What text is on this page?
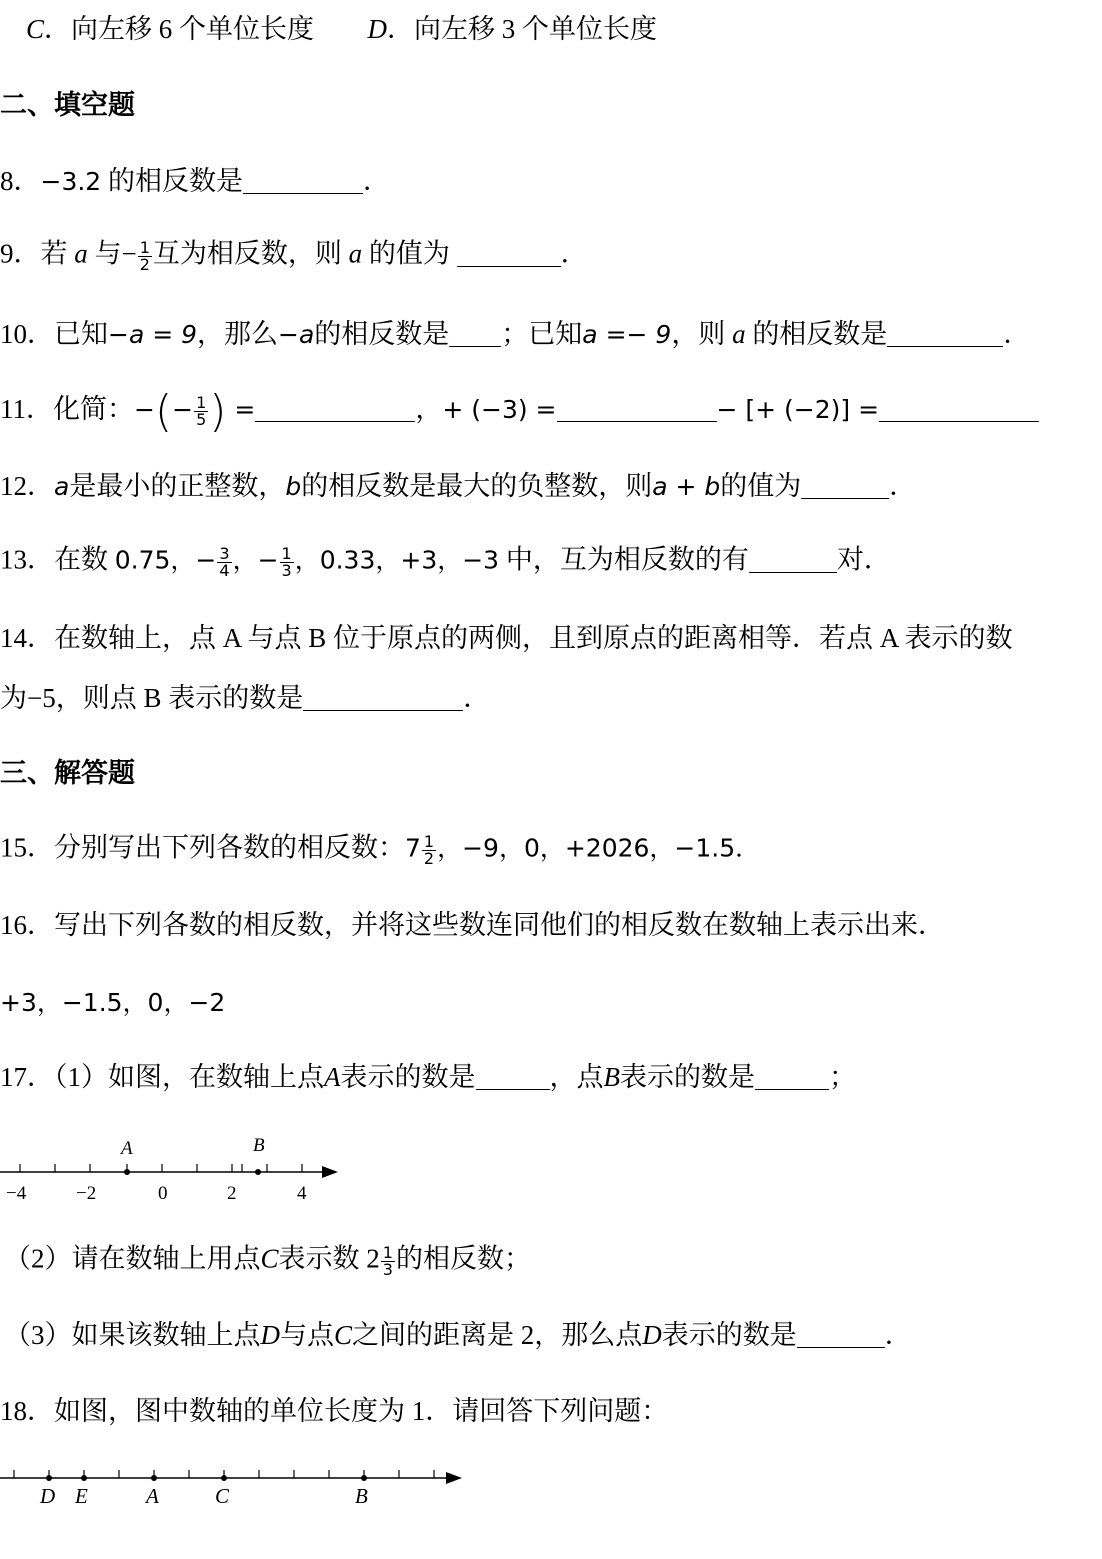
C．向左移 6 个单位长度 D．向左移 3 个单位长度
二、填空题
8．−3.2 的相反数是	．
9．若 a 与− $\frac{1}{2}$ 互为相反数，则 a 的值为	．
10．已知−a = 9，那么−a的相反数是 ；已知a =− 9，则 a 的相反数是	．
11．化简：−(− $\frac{1}{5}$ ) =	，+ (−3) =	− [+ (−2)] =
12．a是最小的正整数，b的相反数是最大的负整数，则a + b的值为	．
13．在数 0.75，− $\frac{3}{4}$ ，− $\frac{1}{3}$ ，0.33，+3，−3 中，互为相反数的有	对．
14．在数轴上，点 A 与点 B 位于原点的两侧，且到原点的距离相等．若点 A 表示的数
为−5，则点 B 表示的数是	．
三、解答题
15．分别写出下列各数的相反数：$7 \frac{1}{2}$ ，−9，0，+2026，−1.5．
16．写出下列各数的相反数，并将这些数连同他们的相反数在数轴上表示出来．
+3，−1.5，0，−2
17．（1）如图，在数轴上点A表示的数是	，点B表示的数是	；
A	B
−4	−2	0	2	4
（2）请在数轴上用点C表示数 $2 \frac{1}{3}$ 的相反数；
（3）如果该数轴上点D与点C之间的距离是 2，那么点D表示的数是	．
18．如图，图中数轴的单位长度为 1．请回答下列问题：
D E	A	C	B
